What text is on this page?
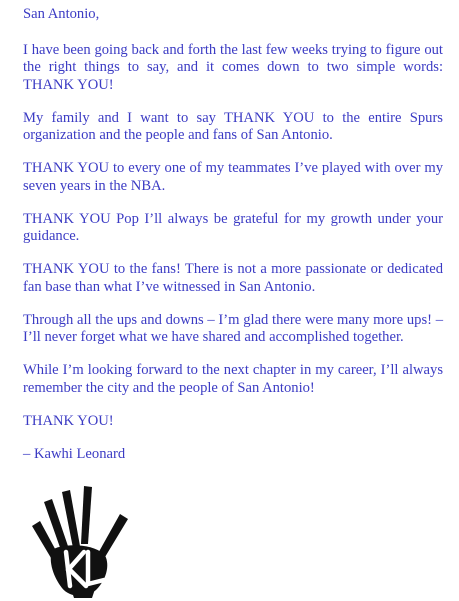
San Antonio,

I have been going back and forth the last few weeks trying to figure out the right things to say, and it comes down to two simple words: THANK YOU!

My family and I want to say THANK YOU to the entire Spurs organization and the people and fans of San Antonio.

THANK YOU to every one of my teammates I’ve played with over my seven years in the NBA.

THANK YOU Pop I’ll always be grateful for my growth under your guidance.

THANK YOU to the fans! There is not a more passionate or dedicated fan base than what I’ve witnessed in San Antonio.

Through all the ups and downs – I’m glad there were many more ups! – I’ll never forget what we have shared and accomplished together.

While I’m looking forward to the next chapter in my career, I’ll always remember the city and the people of San Antonio!

THANK YOU!

– Kawhi Leonard
